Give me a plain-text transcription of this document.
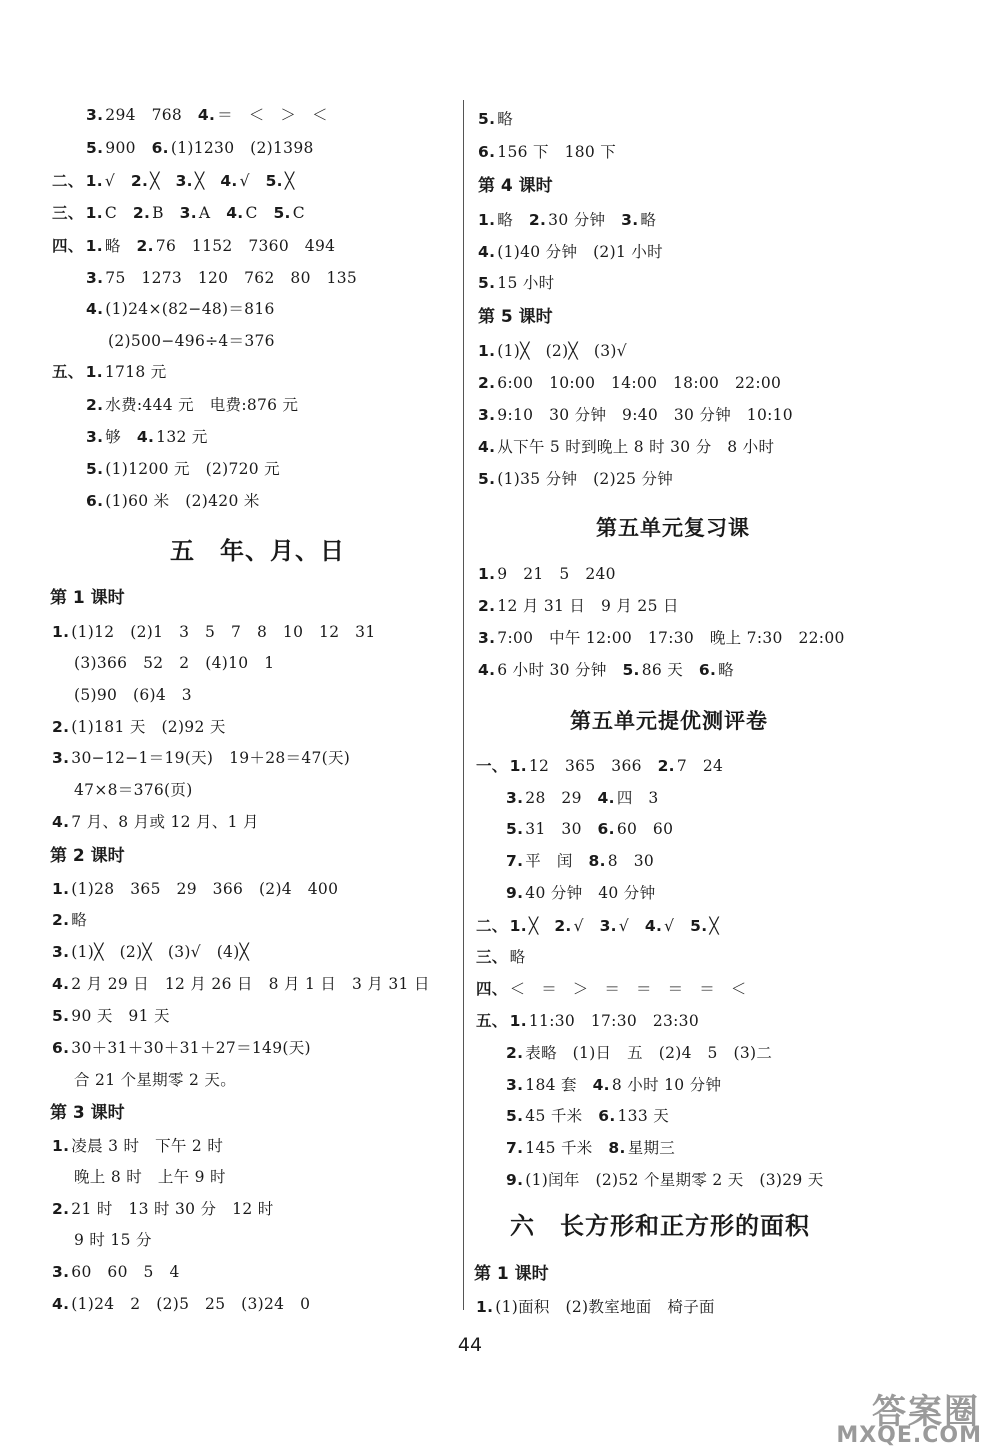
3. 294　768　4. ＝　＜　＞　＜
5. 900　6. (1)1230　(2)1398
二、 1. √　2. ╳　3. ╳　4. √　5. ╳
三、 1. C　2. B　3. A　4. C　5. C
四、 1. 略　2. 76　1152　7360　494
3. 75　1273　120　762　80　135
4. (1)24×(82−48)＝816
(2)500−496÷4＝376
五、 1. 1718 元
2. 水费:444 元　电费:876 元
3. 够　4. 132 元
5. (1)1200 元　(2)720 元
6. (1)60 米　(2)420 米
五　年、月、日
第 1 课时
1. (1)12　(2)1　3　5　7　8　10　12　31
(3)366　52　2　(4)10　1
(5)90　(6)4　3
2. (1)181 天　(2)92 天
3. 30−12−1＝19(天)　19＋28＝47(天)
47×8＝376(页)
4. 7 月、8 月或 12 月、1 月
第 2 课时
1. (1)28　365　29　366　(2)4　400
2. 略
3. (1)╳　(2)╳　(3)√　(4)╳
4. 2 月 29 日　12 月 26 日　8 月 1 日　3 月 31 日
5. 90 天　91 天
6. 30＋31＋30＋31＋27＝149(天)
合 21 个星期零 2 天。
第 3 课时
1. 凌晨 3 时　下午 2 时
晚上 8 时　上午 9 时
2. 21 时　13 时 30 分　12 时
9 时 15 分
3. 60　60　5　4
4. (1)24　2　(2)5　25　(3)24　0
5. 略
6. 156 下　180 下
第 4 课时
1. 略　2. 30 分钟　3. 略
4. (1)40 分钟　(2)1 小时
5. 15 小时
第 5 课时
1. (1)╳　(2)╳　(3)√
2. 6:00　10:00　14:00　18:00　22:00
3. 9:10　30 分钟　9:40　30 分钟　10:10
4. 从下午 5 时到晚上 8 时 30 分　8 小时
5. (1)35 分钟　(2)25 分钟
第五单元复习课
1. 9　21　5　240
2. 12 月 31 日　9 月 25 日
3. 7:00　中午 12:00　17:30　晚上 7:30　22:00
4. 6 小时 30 分钟　5. 86 天　6. 略
第五单元提优测评卷
一、 1. 12　365　366　2. 7　24
3. 28　29　4. 四　3
5. 31　30　6. 60　60
7. 平　闰　8. 8　30
9. 40 分钟　40 分钟
二、 1. ╳　2. √　3. √　4. √　5. ╳
三、 略
四、 ＜　＝　＞　＝　＝　＝　＝　＜
五、 1. 11:30　17:30　23:30
2. 表略　(1)日　五　(2)4　5　(3)二
3. 184 套　4. 8 小时 10 分钟
5. 45 千米　6. 133 天
7. 145 千米　8. 星期三
9. (1)闰年　(2)52 个星期零 2 天　(3)29 天
六　长方形和正方形的面积
第 1 课时
1. (1)面积　(2)教室地面　椅子面
44
答案圈
MXQE.COM
